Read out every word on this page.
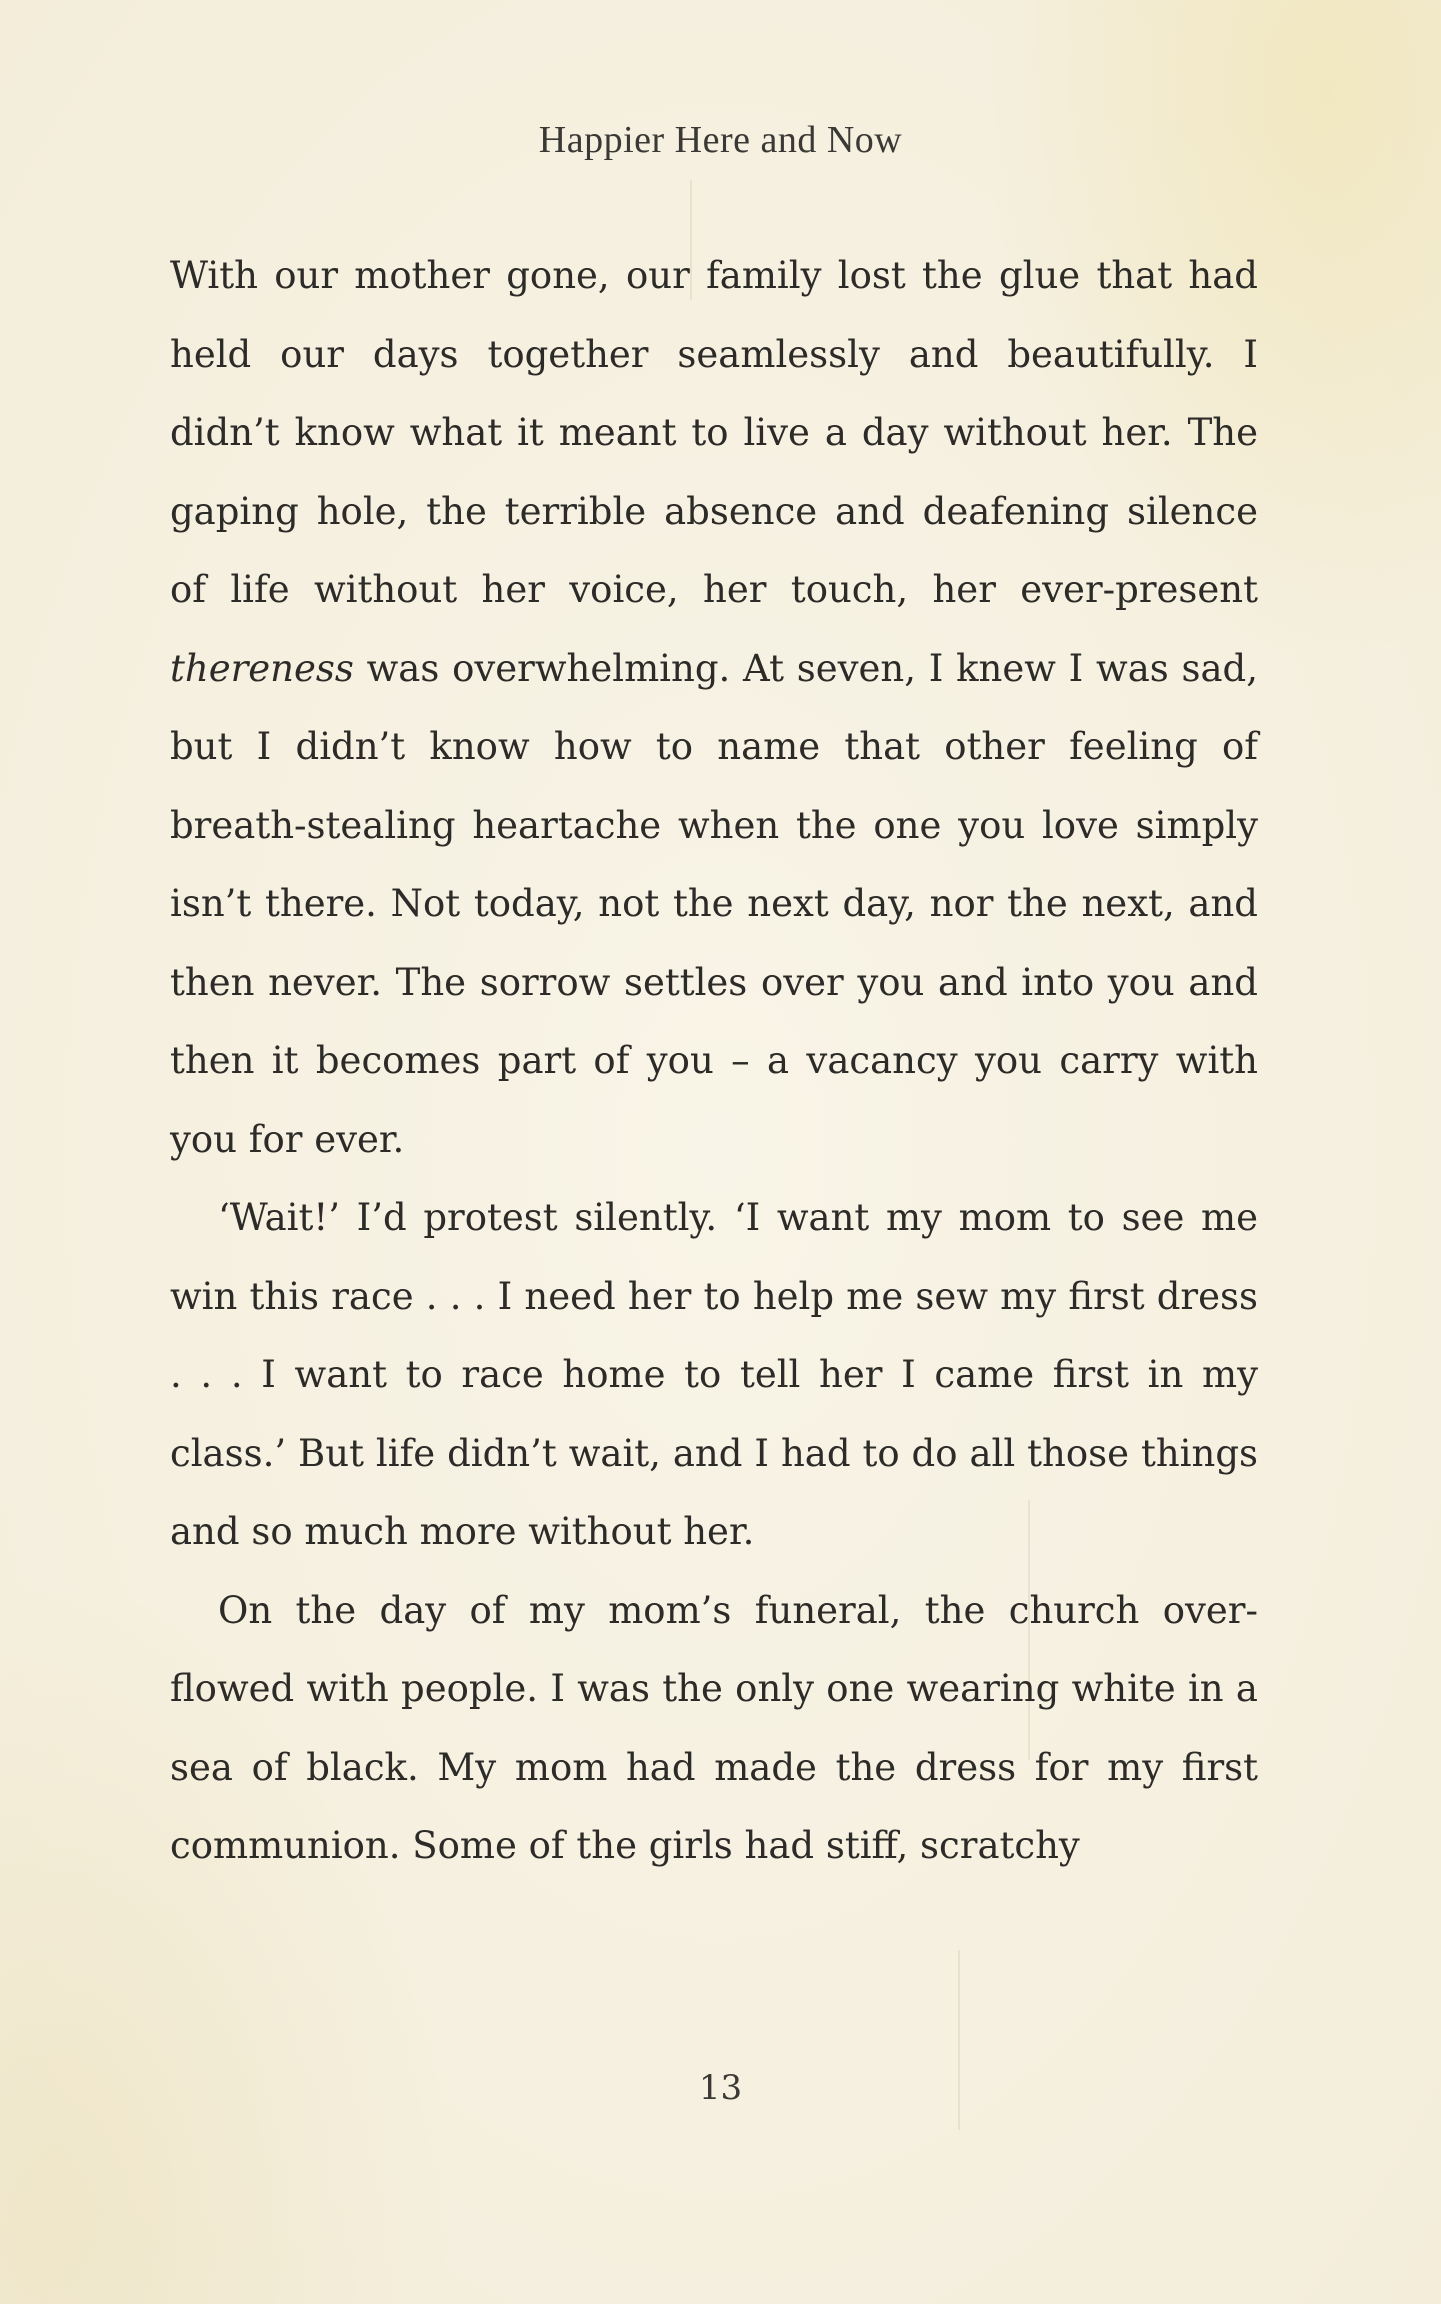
Happier Here and Now

With our mother gone, our family lost the glue that had held our days together seamlessly and beautifully. I didn’t know what it meant to live a day without her. The gaping hole, the terrible absence and deafening silence of life without her voice, her touch, her ever-present thereness was overwhelming. At seven, I knew I was sad, but I didn’t know how to name that other feeling of breath-stealing heartache when the one you love simply isn’t there. Not today, not the next day, nor the next, and then never. The sorrow settles over you and into you and then it becomes part of you – a vacancy you carry with you for ever.

‘Wait!’ I’d protest silently. ‘I want my mom to see me win this race . . . I need her to help me sew my first dress . . . I want to race home to tell her I came first in my class.’ But life didn’t wait, and I had to do all those things and so much more without her.

On the day of my mom’s funeral, the church overflowed with people. I was the only one wearing white in a sea of black. My mom had made the dress for my first communion. Some of the girls had stiff, scratchy

13
